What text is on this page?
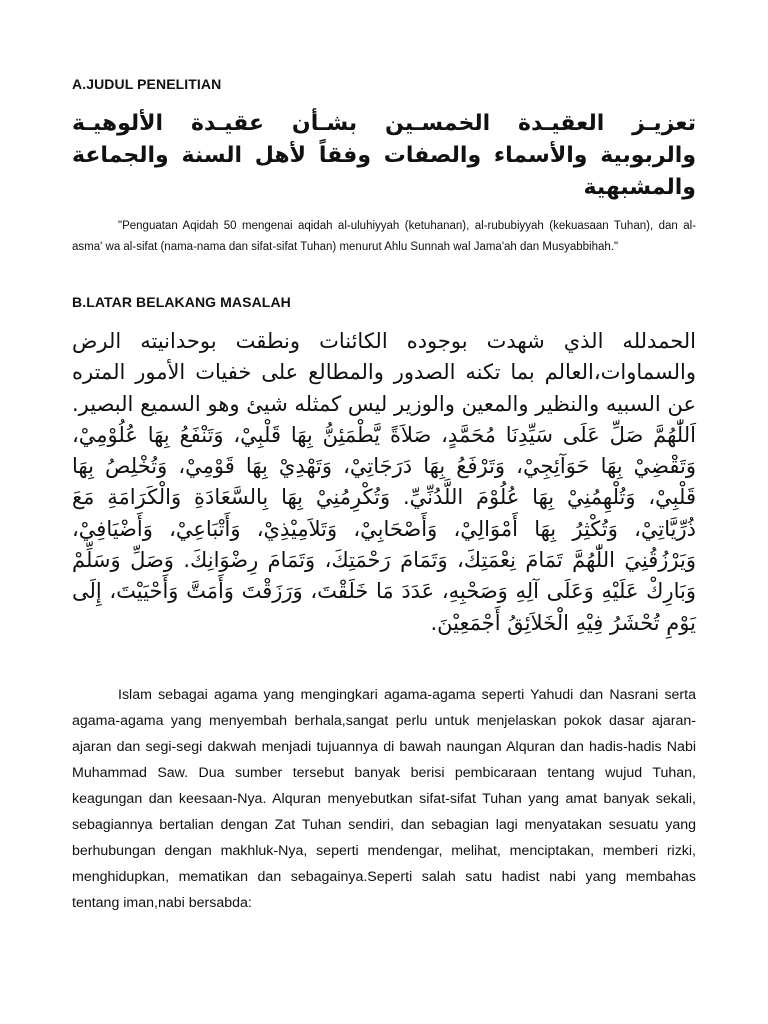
A.JUDUL PENELITIAN
تعزيـز العقيـدة الخمسـين بشـأن عقيـدة الألوهيـة والربوبية والأسماء والصفات وفقاً لأهل السنة والجماعة والمشبهية
"Penguatan Aqidah 50 mengenai aqidah al-uluhiyyah (ketuhanan), al-rububiyyah (kekuasaan Tuhan), dan al-asma' wa al-sifat (nama-nama dan sifat-sifat Tuhan) menurut Ahlu Sunnah wal Jama'ah dan Musyabbihah."
B.LATAR BELAKANG MASALAH
الحمدلله الذي شهدت بوجوده الكائنات ونطقت بوحدانيته الرض والسماوات،العالم بما تكنه الصدور والمطالع على خفيات الأمور المتره عن السبيه والنظير والمعين والوزير ليس كمثله شيئ وهو السميع البصير. اَللّٰهُمَّ صَلِّ عَلَى سَيِّدِنَا مُحَمَّدٍ، صَلاَةً يَّطْمَئِنُّ بِهَا قَلْبِيْ، وَتَنْفَعُ بِهَا عُلُوْمِيْ، وَتَقْضِيْ بِهَا حَوَآئِجِيْ، وَتَرْفَعُ بِهَا دَرَجَاتِيْ، وَتَهْدِيْ بِهَا قَوْمِيْ، وَتُخْلِصُ بِهَا قَلْبِيْ، وَتُلْهِمُنِيْ بِهَا عُلُوْمَ اللَّدُنِّيِّ. وَتُكْرِمُنِيْ بِهَا بِالسَّعَادَةِ وَالْكَرَامَةِ مَعَ ذُرِّيَّاتِيْ، وَتُكْثِرُ بِهَا أَمْوَالِيْ، وَأَصْحَابِيْ، وَتَلاَمِيْذِيْ، وَأَتْبَاعِيْ، وَأَضْيَافِيْ، وَيَرْزُقُنِيَ اللّٰهُمَّ تَمَامَ نِعْمَتِكَ، وَتَمَامَ رَحْمَتِكَ، وَتَمَامَ رِضْوَانِكَ. وَصَلِّ وَسَلِّمْ وَبَارِكْ عَلَيْهِ وَعَلَى آلِهِ وَصَحْبِهِ، عَدَدَ مَا خَلَقْتَ، وَرَزَقْتَ وَأَمَتَّ وَأَحْيَيْتَ، إِلَى يَوْمِ تُحْشَرُ فِيْهِ الْخَلاَئِقُ أَجْمَعِيْنَ.
Islam sebagai agama yang mengingkari agama-agama seperti Yahudi dan Nasrani serta agama-agama yang menyembah berhala,sangat perlu untuk menjelaskan pokok dasar ajaran-ajaran dan segi-segi dakwah menjadi tujuannya di bawah naungan Alquran dan hadis-hadis Nabi Muhammad Saw. Dua sumber tersebut banyak berisi pembicaraan tentang wujud Tuhan, keagungan dan keesaan-Nya. Alquran menyebutkan sifat-sifat Tuhan yang amat banyak sekali, sebagiannya bertalian dengan Zat Tuhan sendiri, dan sebagian lagi menyatakan sesuatu yang berhubungan dengan makhluk-Nya, seperti mendengar, melihat, menciptakan, memberi rizki, menghidupkan, mematikan dan sebagainya.Seperti salah satu hadist nabi yang membahas tentang iman,nabi bersabda:
